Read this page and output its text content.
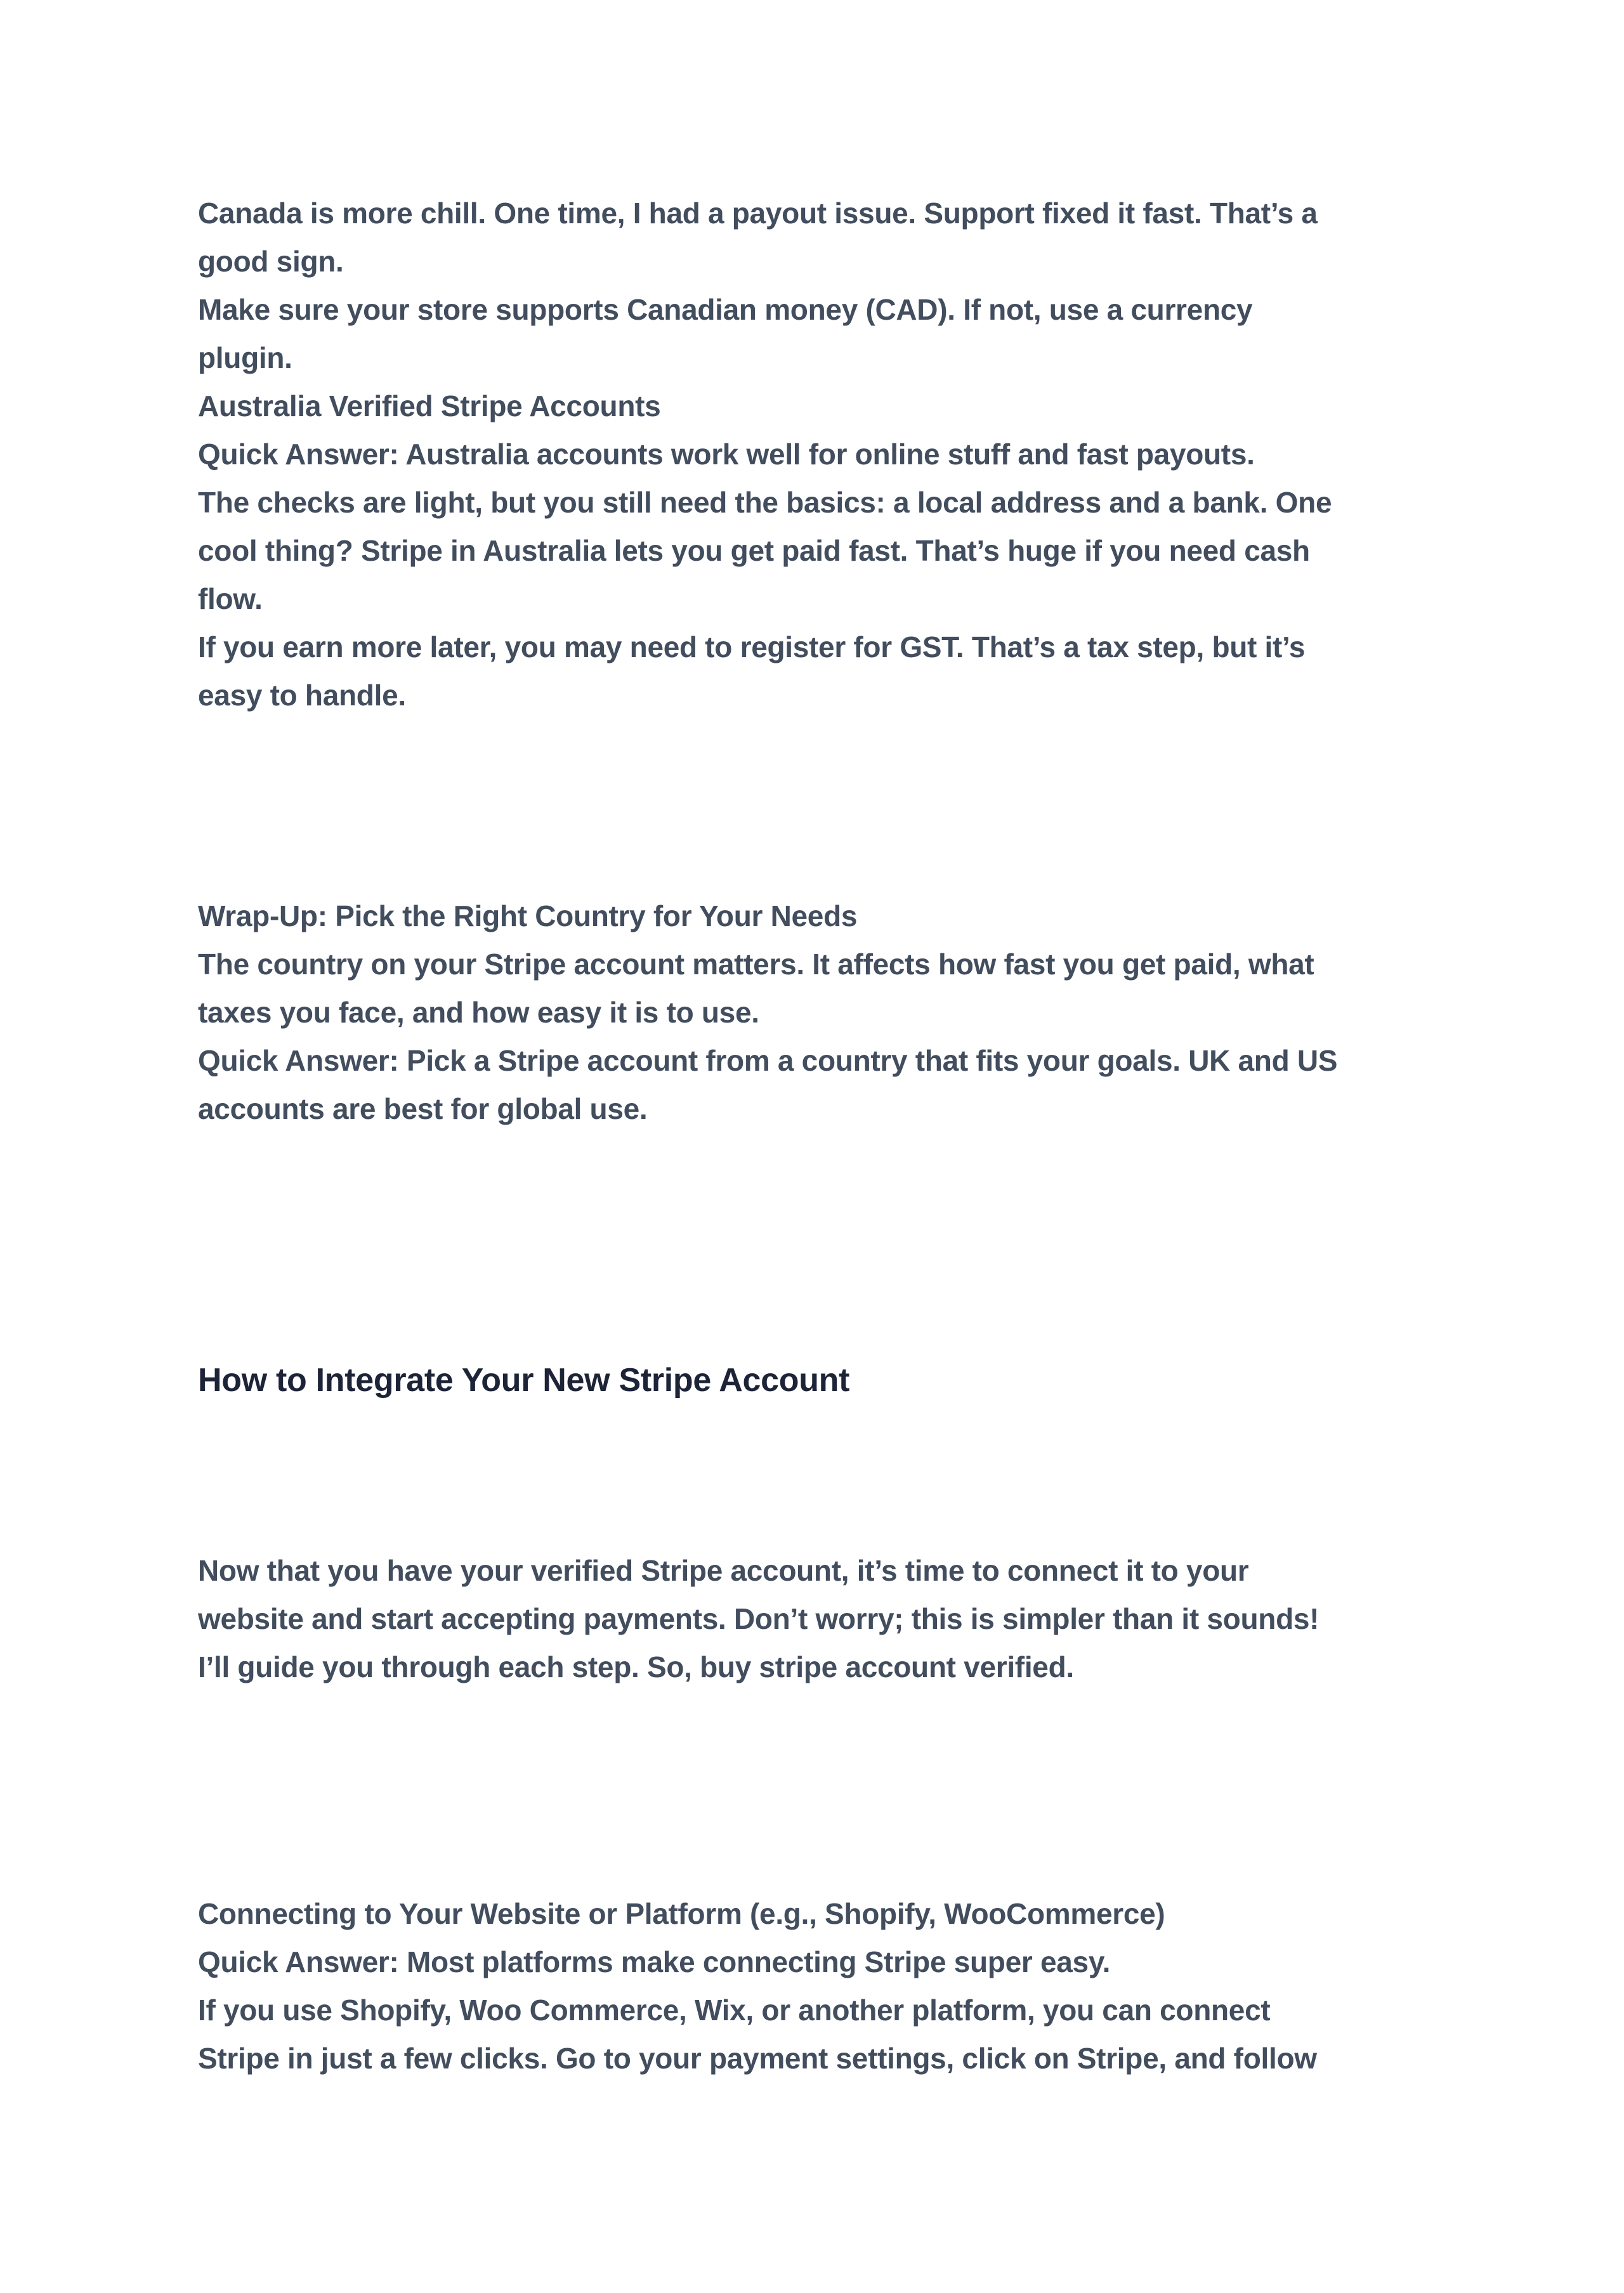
Canada is more chill. One time, I had a payout issue. Support fixed it fast. That’s a
good sign.
Make sure your store supports Canadian money (CAD). If not, use a currency
plugin.
Australia Verified Stripe Accounts
Quick Answer: Australia accounts work well for online stuff and fast payouts.
The checks are light, but you still need the basics: a local address and a bank. One
cool thing? Stripe in Australia lets you get paid fast. That’s huge if you need cash
flow.
If you earn more later, you may need to register for GST. That’s a tax step, but it’s
easy to handle.
Wrap-Up: Pick the Right Country for Your Needs
The country on your Stripe account matters. It affects how fast you get paid, what
taxes you face, and how easy it is to use.
Quick Answer: Pick a Stripe account from a country that fits your goals. UK and US
accounts are best for global use.
How to Integrate Your New Stripe Account
Now that you have your verified Stripe account, it’s time to connect it to your
website and start accepting payments. Don’t worry; this is simpler than it sounds!
I’ll guide you through each step. So, buy stripe account verified.
Connecting to Your Website or Platform (e.g., Shopify, WooCommerce)
Quick Answer: Most platforms make connecting Stripe super easy.
If you use Shopify, Woo Commerce, Wix, or another platform, you can connect
Stripe in just a few clicks. Go to your payment settings, click on Stripe, and follow
